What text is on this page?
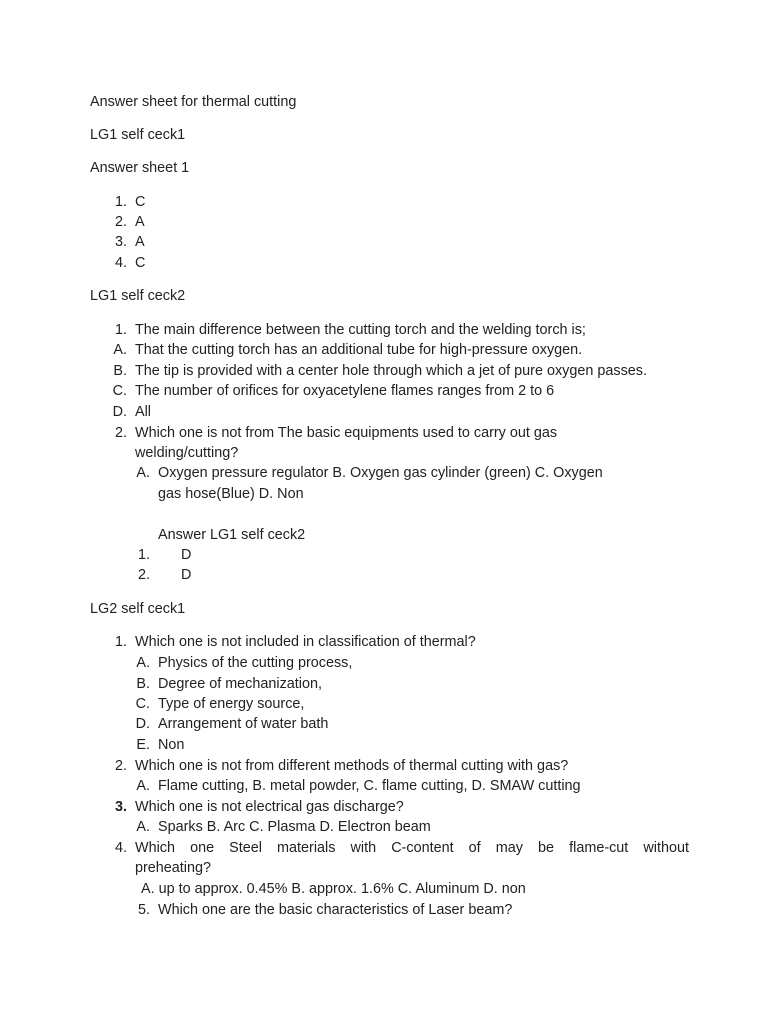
Answer sheet for thermal cutting
LG1 self ceck1
Answer sheet 1
1. C
2. A
3. A
4. C
LG1 self ceck2
1. The main difference between the cutting torch and the welding torch is;
A. That the cutting torch has an additional tube for high-pressure oxygen.
B. The tip is provided with a center hole through which a jet of pure oxygen passes.
C. The number of orifices for oxyacetylene flames ranges from 2 to 6
D. All
2. Which one is not from The basic equipments used to carry out gas
welding/cutting?
A. Oxygen pressure regulator B. Oxygen gas cylinder (green) C. Oxygen
gas hose(Blue) D. Non
Answer LG1 self ceck2
1. D
2. D
LG2 self ceck1
1. Which one is not included in classification of thermal?
A. Physics of the cutting process,
B. Degree of mechanization,
C. Type of energy source,
D. Arrangement of water bath
E. Non
2. Which one is not from different methods of thermal cutting with gas?
A. Flame cutting, B. metal powder, C. flame cutting, D. SMAW cutting
3. Which one is not electrical gas discharge?
A. Sparks B. Arc C. Plasma D. Electron beam
4. Which one Steel materials with C-content of may be flame-cut without
preheating?
A. up to approx. 0.45% B. approx. 1.6% C. Aluminum D. non
5. Which one are the basic characteristics of Laser beam?
